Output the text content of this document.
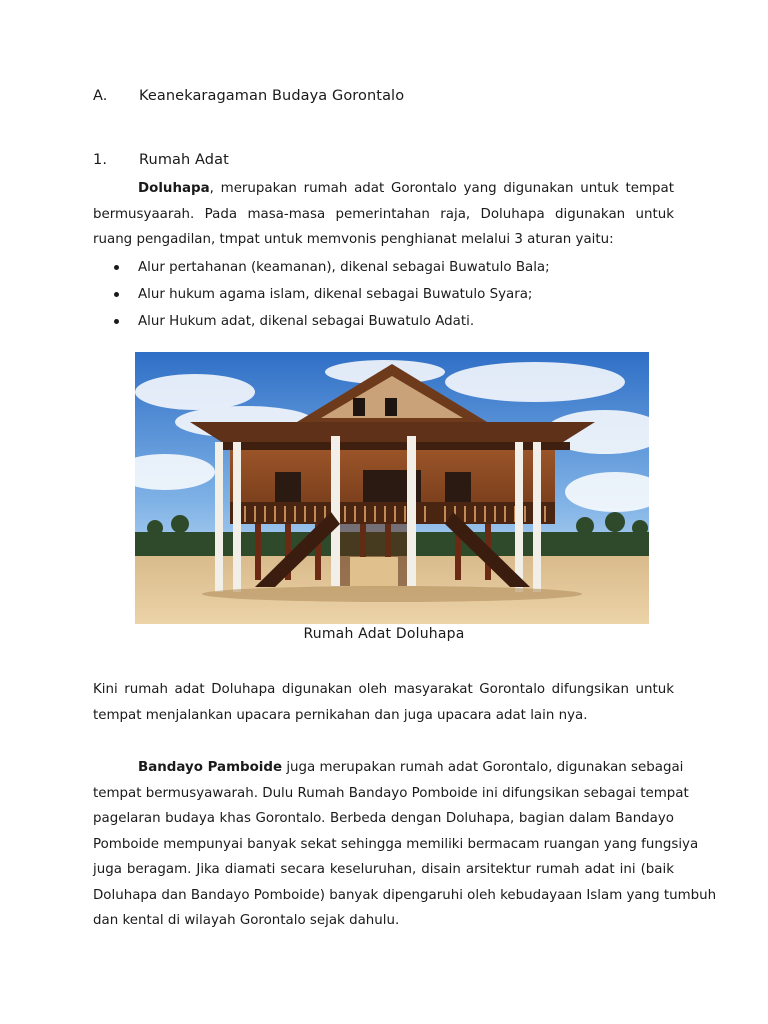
A. Keanekaragaman Budaya Gorontalo
1. Rumah Adat
Doluhapa, merupakan rumah adat Gorontalo yang digunakan untuk tempat
bermusyaarah. Pada masa-masa pemerintahan raja, Doluhapa digunakan untuk
ruang pengadilan, tmpat untuk memvonis penghianat melalui 3 aturan yaitu:
Alur pertahanan (keamanan), dikenal sebagai Buwatulo Bala;
Alur hukum agama islam, dikenal sebagai Buwatulo Syara;
Alur Hukum adat, dikenal sebagai Buwatulo Adati.
Rumah Adat Doluhapa
Kini rumah adat Doluhapa digunakan oleh masyarakat Gorontalo difungsikan untuk
tempat menjalankan upacara pernikahan dan juga upacara adat lain nya.
Bandayo Pamboide juga merupakan rumah adat Gorontalo, digunakan sebagai
tempat bermusyawarah. Dulu Rumah Bandayo Pomboide ini difungsikan sebagai tempat
pagelaran budaya khas Gorontalo. Berbeda dengan Doluhapa, bagian dalam Bandayo
Pomboide mempunyai banyak sekat sehingga memiliki bermacam ruangan yang fungsiya
juga beragam. Jika diamati secara keseluruhan, disain arsitektur rumah adat ini (baik
Doluhapa dan Bandayo Pomboide) banyak dipengaruhi oleh kebudayaan Islam yang tumbuh
dan kental di wilayah Gorontalo sejak dahulu.
